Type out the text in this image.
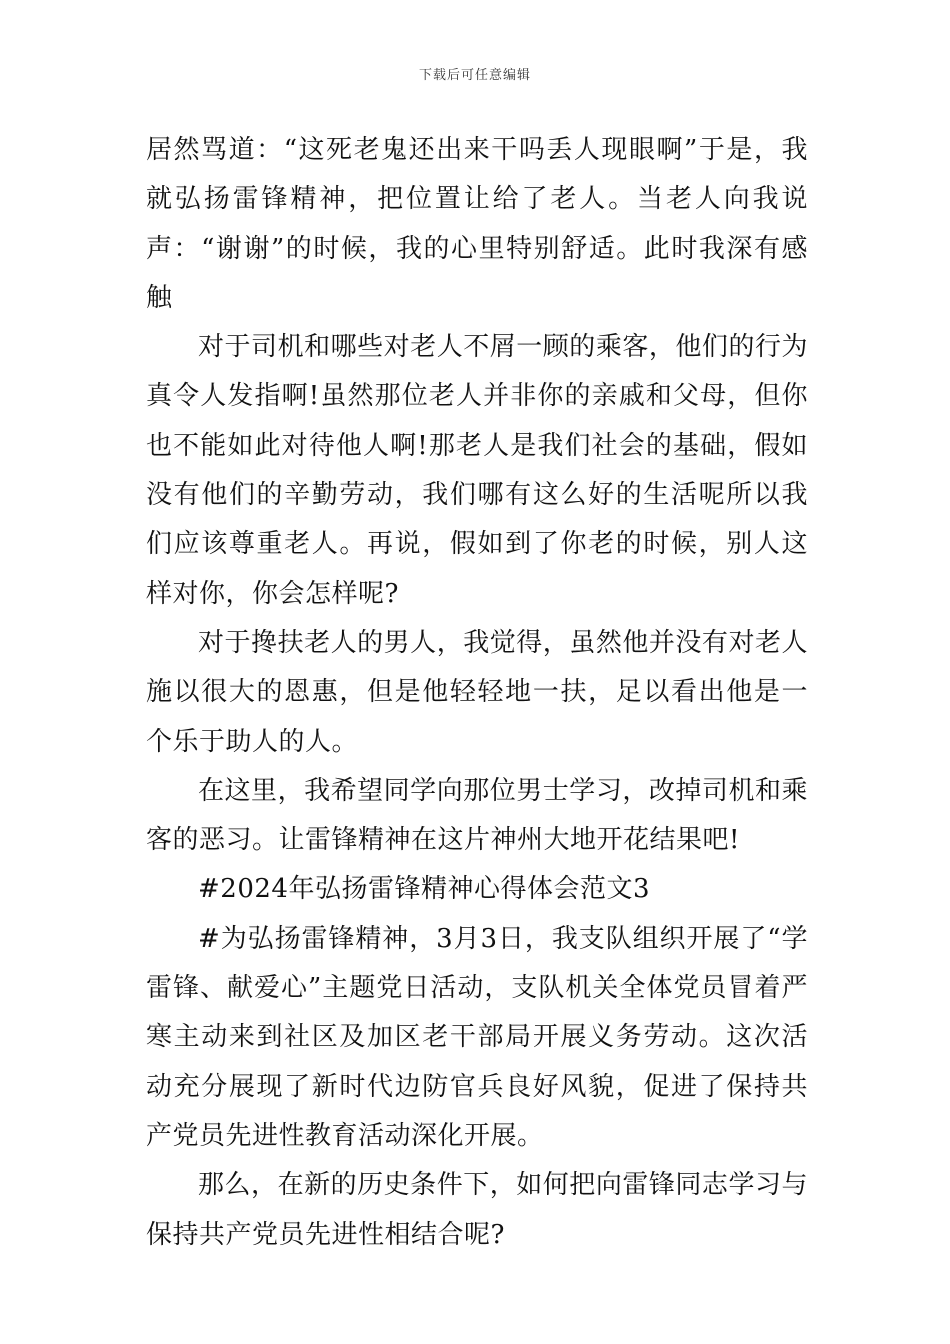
下载后可任意编辑

居然骂道：“这死老鬼还出来干吗丢人现眼啊”于是，我就弘扬雷锋精神，把位置让给了老人。当老人向我说声：“谢谢”的时候，我的心里特别舒适。此时我深有感触

对于司机和哪些对老人不屑一顾的乘客，他们的行为真令人发指啊!虽然那位老人并非你的亲戚和父母，但你也不能如此对待他人啊!那老人是我们社会的基础，假如没有他们的辛勤劳动，我们哪有这么好的生活呢所以我们应该尊重老人。再说，假如到了你老的时候，别人这样对你，你会怎样呢?

对于搀扶老人的男人，我觉得，虽然他并没有对老人施以很大的恩惠，但是他轻轻地一扶，足以看出他是一个乐于助人的人。

在这里，我希望同学向那位男士学习，改掉司机和乘客的恶习。让雷锋精神在这片神州大地开花结果吧!

#2024年弘扬雷锋精神心得体会范文3

#为弘扬雷锋精神，3月3日，我支队组织开展了“学雷锋、献爱心”主题党日活动，支队机关全体党员冒着严寒主动来到社区及加区老干部局开展义务劳动。这次活动充分展现了新时代边防官兵良好风貌，促进了保持共产党员先进性教育活动深化开展。

那么，在新的历史条件下，如何把向雷锋同志学习与保持共产党员先进性相结合呢?
